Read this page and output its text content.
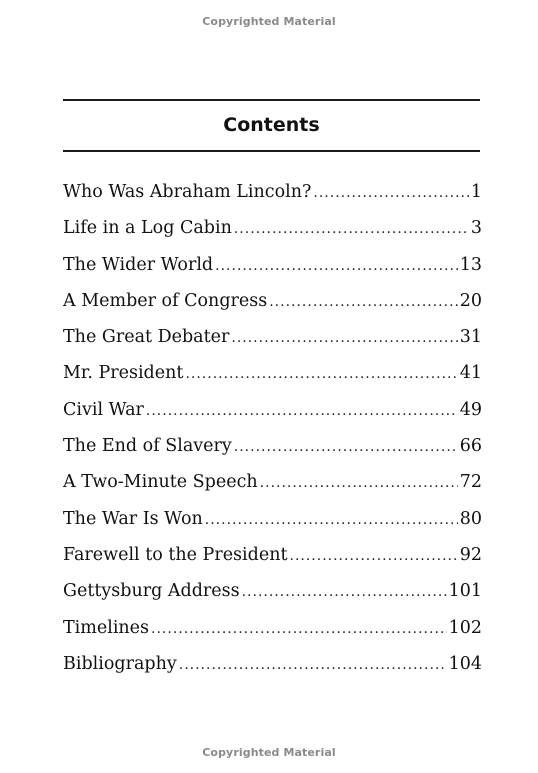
Copyrighted Material
Contents
Who Was Abraham Lincoln? .....	1
Life in a Log Cabin .....	3
The Wider World .....	13
A Member of Congress .....	20
The Great Debater .....	31
Mr. President .....	41
Civil War .....	49
The End of Slavery .....	66
A Two-Minute Speech .....	72
The War Is Won .....	80
Farewell to the President .....	92
Gettysburg Address .....	101
Timelines .....	102
Bibliography .....	104
Copyrighted Material
